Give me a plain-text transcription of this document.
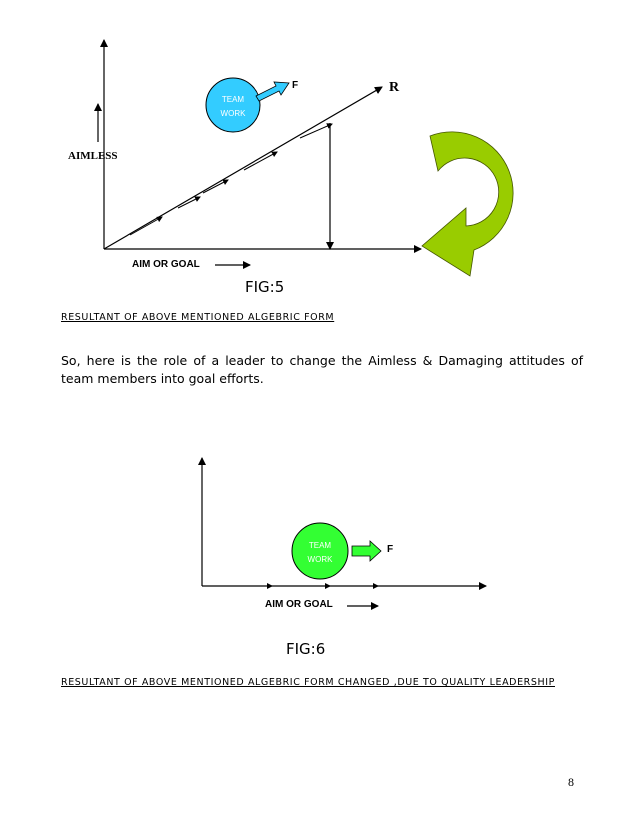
F	R
AIMLESS
AIM OR GOAL
TEAM
WORK
FIG:5
RESULTANT OF ABOVE MENTIONED ALGEBRIC FORM
So, here is the role of a leader to change the Aimless & Damaging attitudes of team members into goal efforts.
TEAM
WORK
F
AIM OR GOAL
FIG:6
RESULTANT OF ABOVE MENTIONED ALGEBRIC FORM CHANGED ,DUE TO QUALITY LEADERSHIP
8
